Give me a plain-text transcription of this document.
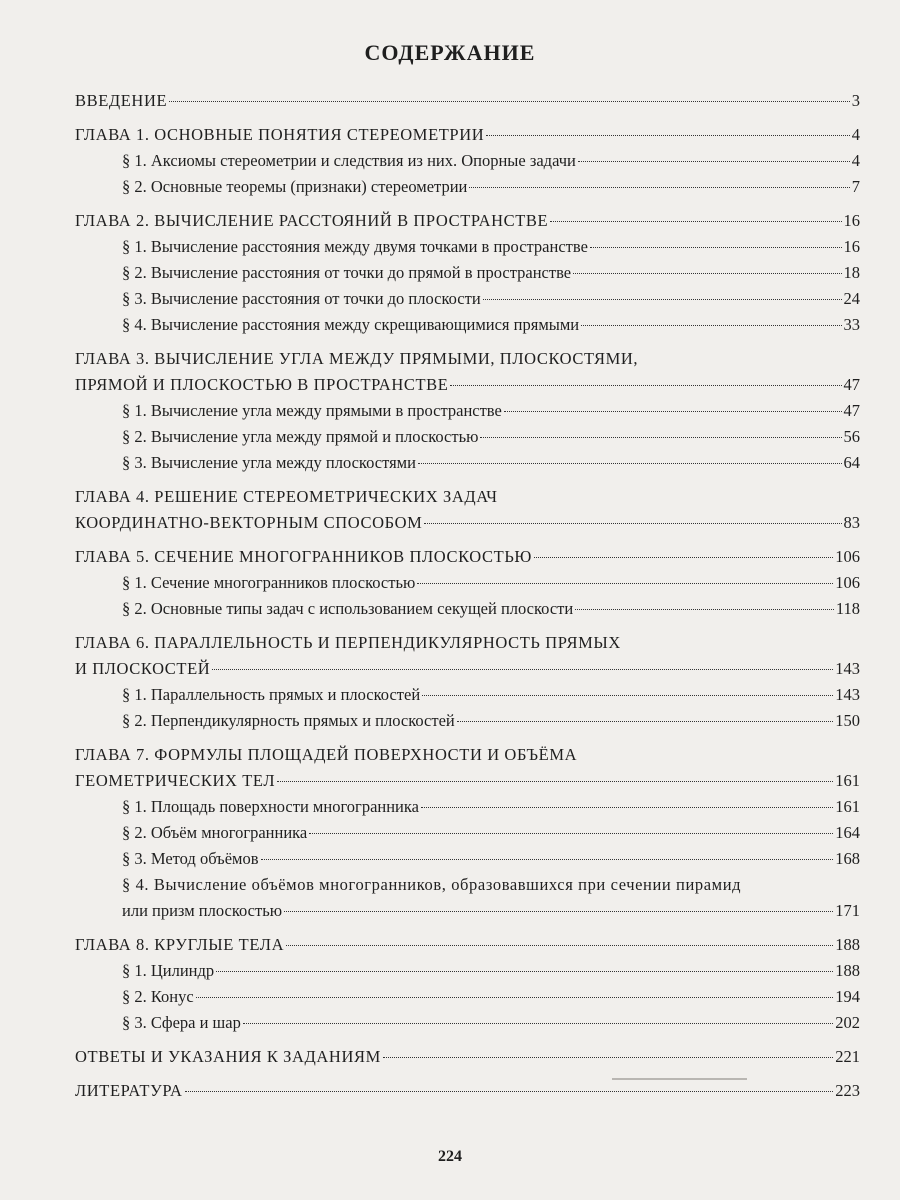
СОДЕРЖАНИЕ
ВВЕДЕНИЕ	3
ГЛАВА 1. ОСНОВНЫЕ ПОНЯТИЯ СТЕРЕОМЕТРИИ	4
§ 1. Аксиомы стереометрии и следствия из них. Опорные задачи	4
§ 2. Основные теоремы (признаки) стереометрии	7
ГЛАВА 2. ВЫЧИСЛЕНИЕ РАССТОЯНИЙ В ПРОСТРАНСТВЕ	16
§ 1. Вычисление расстояния между двумя точками в пространстве	16
§ 2. Вычисление расстояния от точки до прямой в пространстве	18
§ 3. Вычисление расстояния от точки до плоскости	24
§ 4. Вычисление расстояния между скрещивающимися прямыми	33
ГЛАВА 3. ВЫЧИСЛЕНИЕ УГЛА МЕЖДУ ПРЯМЫМИ, ПЛОСКОСТЯМИ,
ПРЯМОЙ И ПЛОСКОСТЬЮ В ПРОСТРАНСТВЕ	47
§ 1. Вычисление угла между прямыми в пространстве	47
§ 2. Вычисление угла между прямой и плоскостью	56
§ 3. Вычисление угла между плоскостями	64
ГЛАВА 4. РЕШЕНИЕ СТЕРЕОМЕТРИЧЕСКИХ ЗАДАЧ
КООРДИНАТНО-ВЕКТОРНЫМ СПОСОБОМ	83
ГЛАВА 5. СЕЧЕНИЕ МНОГОГРАННИКОВ ПЛОСКОСТЬЮ	106
§ 1. Сечение многогранников плоскостью	106
§ 2. Основные типы задач с использованием секущей плоскости	118
ГЛАВА 6. ПАРАЛЛЕЛЬНОСТЬ И ПЕРПЕНДИКУЛЯРНОСТЬ ПРЯМЫХ
И ПЛОСКОСТЕЙ	143
§ 1. Параллельность прямых и плоскостей	143
§ 2. Перпендикулярность прямых и плоскостей	150
ГЛАВА 7. ФОРМУЛЫ ПЛОЩАДЕЙ ПОВЕРХНОСТИ И ОБЪЁМА
ГЕОМЕТРИЧЕСКИХ ТЕЛ	161
§ 1. Площадь поверхности многогранника	161
§ 2. Объём многогранника	164
§ 3. Метод объёмов	168
§ 4. Вычисление объёмов многогранников, образовавшихся при сечении пирамид
или призм плоскостью	171
ГЛАВА 8. КРУГЛЫЕ ТЕЛА	188
§ 1. Цилиндр	188
§ 2. Конус	194
§ 3. Сфера и шар	202
ОТВЕТЫ И УКАЗАНИЯ К ЗАДАНИЯМ	221
ЛИТЕРАТУРА	223
224
